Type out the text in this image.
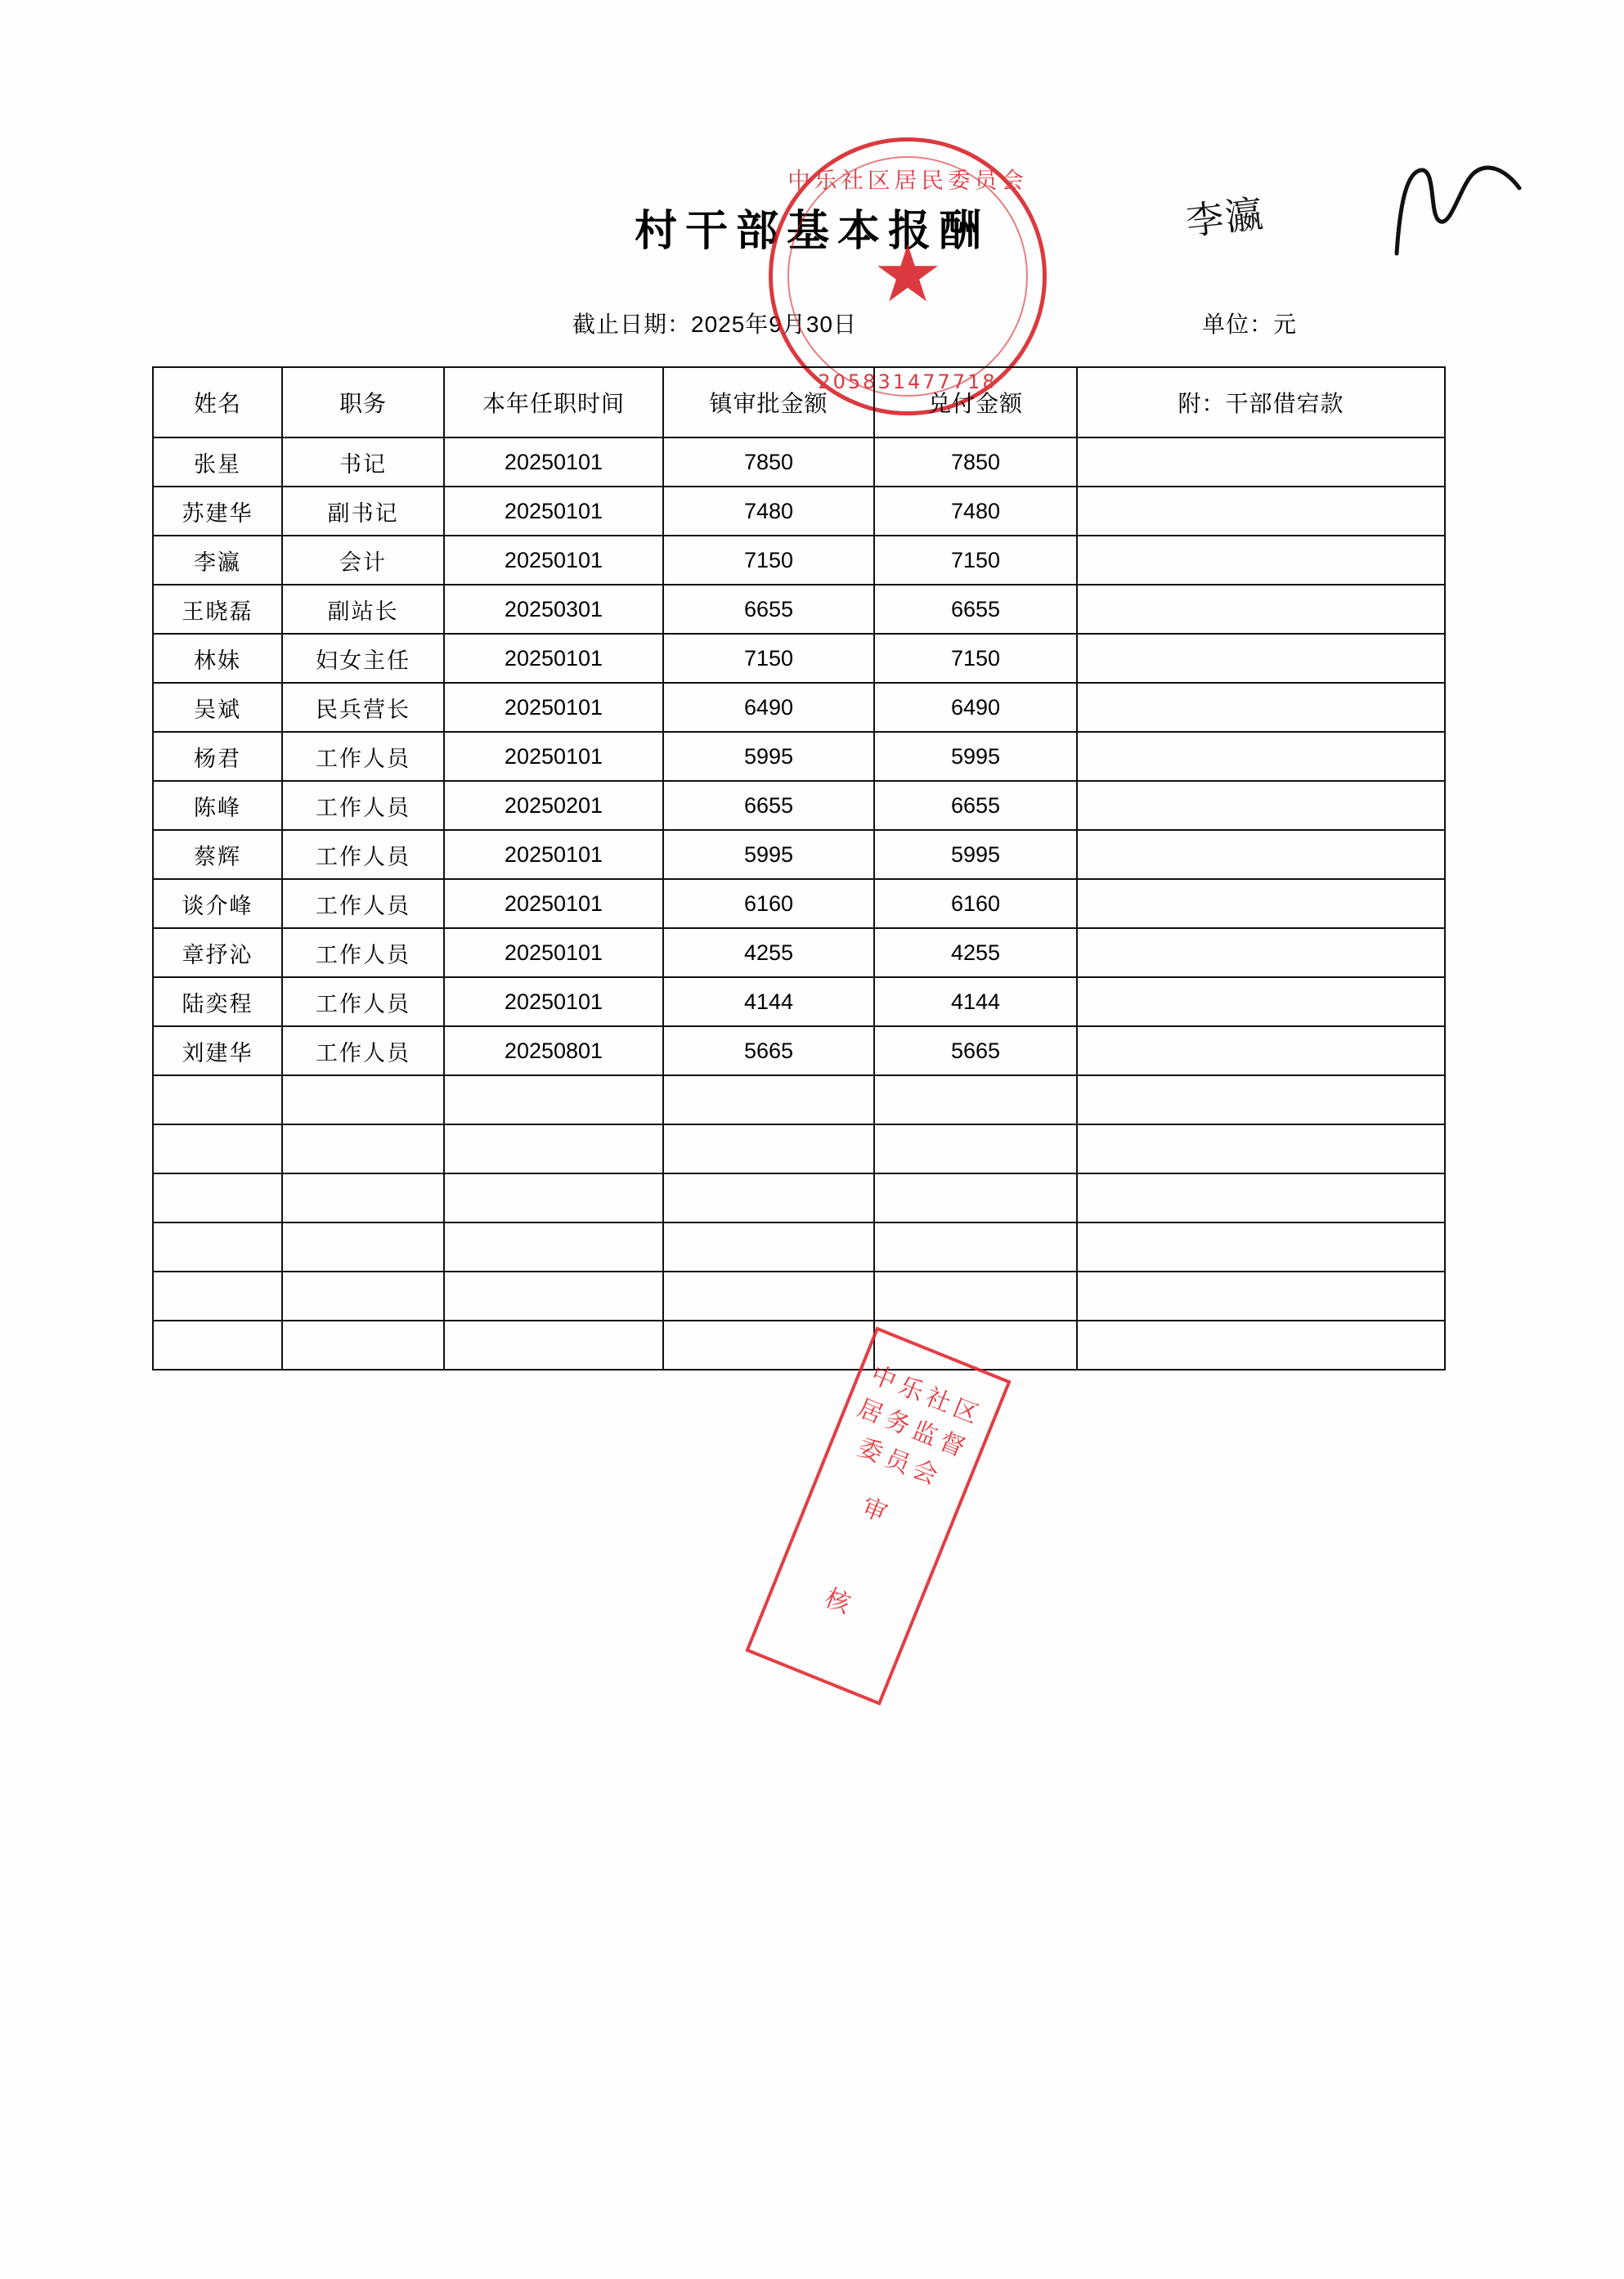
村干部基本报酬
截止日期：2025年9月30日	单位：元
李瀛
中乐社区居民委员会
★
205831477718
姓名	职务	本年任职时间	镇审批金额	兑付金额	附：干部借宕款
张星	书记	20250101	7850	7850	
苏建华	副书记	20250101	7480	7480	
李瀛	会计	20250101	7150	7150	
王晓磊	副站长	20250301	6655	6655	
林妹	妇女主任	20250101	7150	7150	
吴斌	民兵营长	20250101	6490	6490	
杨君	工作人员	20250101	5995	5995	
陈峰	工作人员	20250201	6655	6655	
蔡辉	工作人员	20250101	5995	5995	
谈介峰	工作人员	20250101	6160	6160	
章抒沁	工作人员	20250101	4255	4255	
陆奕程	工作人员	20250101	4144	4144	
刘建华	工作人员	20250801	5665	5665	

中乐社区居务监督委员会
审
核
